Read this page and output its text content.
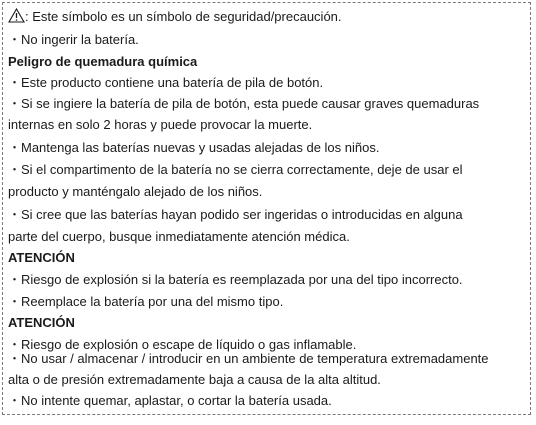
: Este símbolo es un símbolo de seguridad/precaución.
・No ingerir la batería.
Peligro de quemadura química
・Este producto contiene una batería de pila de botón.
・Si se ingiere la batería de pila de botón, esta puede causar graves quemaduras
internas en solo 2 horas y puede provocar la muerte.
・Mantenga las baterías nuevas y usadas alejadas de los niños.
・Si el compartimento de la batería no se cierra correctamente, deje de usar el
producto y manténgalo alejado de los niños.
・Si cree que las baterías hayan podido ser ingeridas o introducidas en alguna
parte del cuerpo, busque inmediatamente atención médica.
ATENCIÓN
・Riesgo de explosión si la batería es reemplazada por una del tipo incorrecto.
・Reemplace la batería por una del mismo tipo.
ATENCIÓN
・Riesgo de explosión o escape de líquido o gas inflamable.
・No usar / almacenar / introducir en un ambiente de temperatura extremadamente
alta o de presión extremadamente baja a causa de la alta altitud.
・No intente quemar, aplastar, o cortar la batería usada.
